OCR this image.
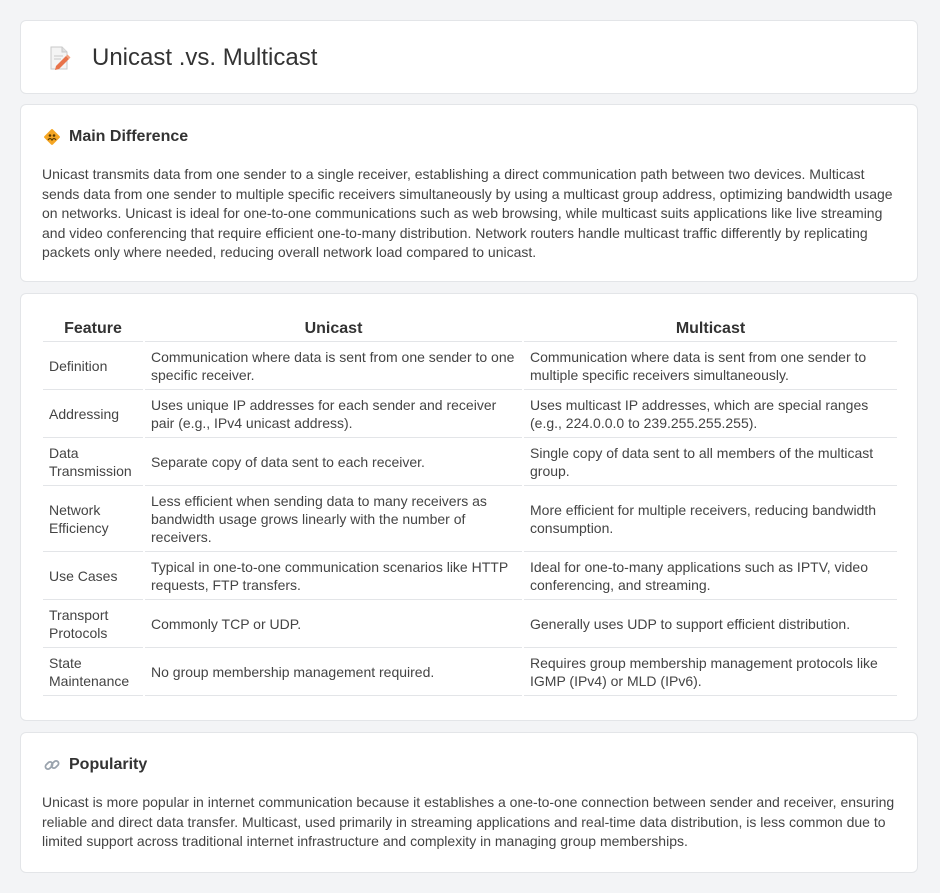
Unicast .vs. Multicast
Main Difference

Unicast transmits data from one sender to a single receiver, establishing a direct communication path between two devices. Multicast sends data from one sender to multiple specific receivers simultaneously by using a multicast group address, optimizing bandwidth usage on networks. Unicast is ideal for one-to-one communications such as web browsing, while multicast suits applications like live streaming and video conferencing that require efficient one-to-many distribution. Network routers handle multicast traffic differently by replicating packets only where needed, reducing overall network load compared to unicast.

Feature	Unicast	Multicast
Definition	Communication where data is sent from one sender to one specific receiver.	Communication where data is sent from one sender to multiple specific receivers simultaneously.
Addressing	Uses unique IP addresses for each sender and receiver pair (e.g., IPv4 unicast address).	Uses multicast IP addresses, which are special ranges (e.g., 224.0.0.0 to 239.255.255.255).
Data Transmission	Separate copy of data sent to each receiver.	Single copy of data sent to all members of the multicast group.
Network Efficiency	Less efficient when sending data to many receivers as bandwidth usage grows linearly with the number of receivers.	More efficient for multiple receivers, reducing bandwidth consumption.
Use Cases	Typical in one-to-one communication scenarios like HTTP requests, FTP transfers.	Ideal for one-to-many applications such as IPTV, video conferencing, and streaming.
Transport Protocols	Commonly TCP or UDP.	Generally uses UDP to support efficient distribution.
State Maintenance	No group membership management required.	Requires group membership management protocols like IGMP (IPv4) or MLD (IPv6).
Popularity

Unicast is more popular in internet communication because it establishes a one-to-one connection between sender and receiver, ensuring reliable and direct data transfer. Multicast, used primarily in streaming applications and real-time data distribution, is less common due to limited support across traditional internet infrastructure and complexity in managing group memberships.
